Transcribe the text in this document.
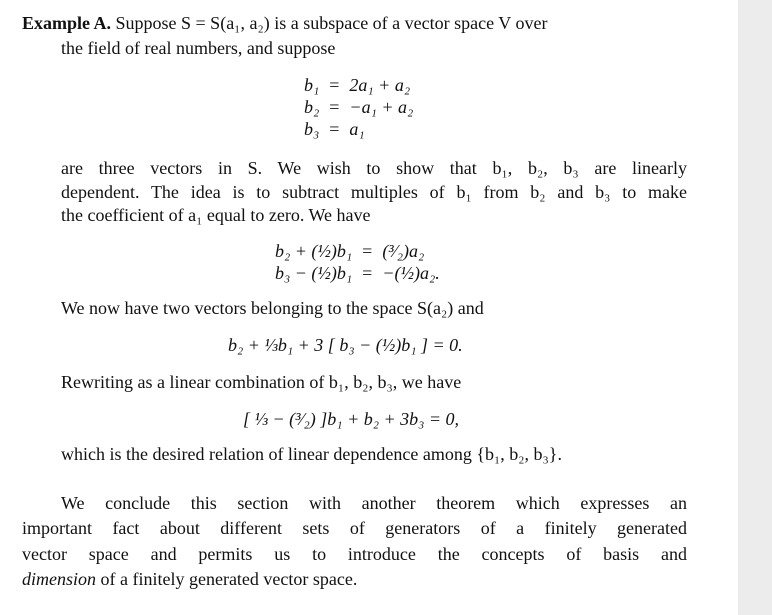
Example A. Suppose S = S(a₁, a₂) is a subspace of a vector space V over
the field of real numbers, and suppose
b₁	=	2a₁ + a₂
b₂	=	−a₁ + a₂
b₃	=	a₁
are three vectors in S. We wish to show that b₁, b₂, b₃ are linearly
dependent. The idea is to subtract multiples of b₁ from b₂ and b₃ to make
the coefficient of a₁ equal to zero. We have
b₂ + (½)b₁	=	(³⁄₂)a₂
b₃ − (½)b₁	=	−(½)a₂.
We now have two vectors belonging to the space S(a₂) and
b₂ + ⅓b₁ + 3 [ b₃ − (½)b₁ ] = 0.
Rewriting as a linear combination of b₁, b₂, b₃, we have
[ ⅓ − (³⁄₂) ]b₁ + b₂ + 3b₃ = 0,
which is the desired relation of linear dependence among {b₁, b₂, b₃}.
We conclude this section with another theorem which expresses an
important fact about different sets of generators of a finitely generated
vector space and permits us to introduce the concepts of basis and
dimension of a finitely generated vector space.
